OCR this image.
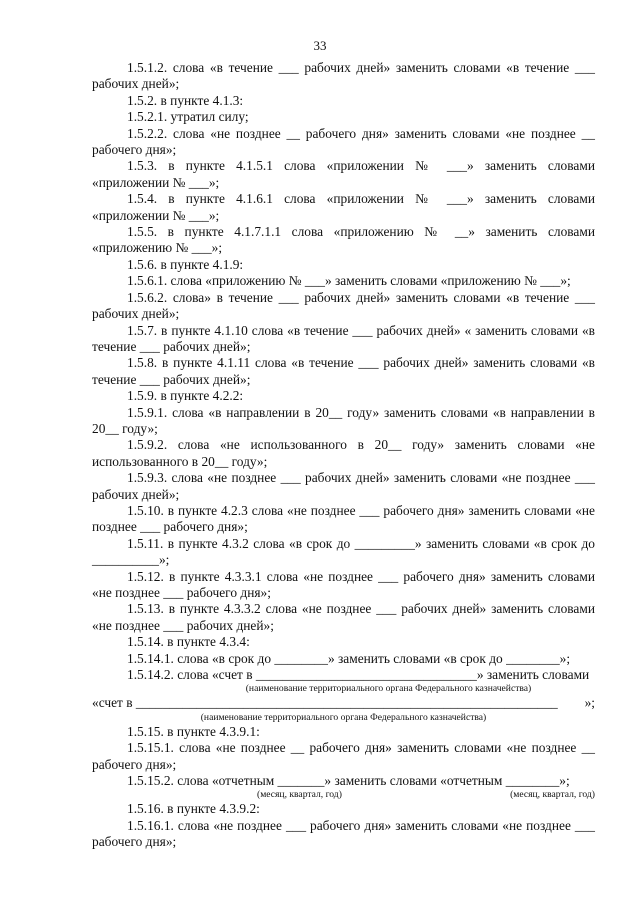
33

1.5.1.2. слова «в течение ___ рабочих дней» заменить словами «в течение ___ рабочих дней»;

1.5.2. в пункте 4.1.3:

1.5.2.1. утратил силу;

1.5.2.2. слова «не позднее __ рабочего дня» заменить словами «не позднее __ рабочего дня»;

1.5.3. в пункте 4.1.5.1 слова «приложении № ___» заменить словами «приложении № ___»;

1.5.4. в пункте 4.1.6.1 слова «приложении № ___» заменить словами «приложении № ___»;

1.5.5. в пункте 4.1.7.1.1 слова «приложению № __» заменить словами «приложению № ___»;

1.5.6. в пункте 4.1.9:

1.5.6.1. слова «приложению № ___» заменить словами «приложению № ___»;

1.5.6.2. слова» в течение ___ рабочих дней» заменить словами «в течение ___ рабочих дней»;

1.5.7. в пункте 4.1.10 слова «в течение ___ рабочих дней» « заменить словами «в течение ___ рабочих дней»;

1.5.8. в пункте 4.1.11 слова «в течение ___ рабочих дней» заменить словами «в течение ___ рабочих дней»;

1.5.9. в пункте 4.2.2:

1.5.9.1. слова «в направлении в 20__ году» заменить словами «в направлении в 20__ году»;

1.5.9.2. слова «не использованного в 20__ году» заменить словами «не использованного в 20__ году»;

1.5.9.3. слова «не позднее ___ рабочих дней» заменить словами «не позднее ___ рабочих дней»;

1.5.10. в пункте 4.2.3 слова «не позднее ___ рабочего дня» заменить словами «не позднее ___ рабочего дня»;

1.5.11. в пункте 4.3.2 слова «в срок до _________» заменить словами «в срок до __________»;

1.5.12. в пункте 4.3.3.1 слова «не позднее ___ рабочего дня» заменить словами «не позднее ___ рабочего дня»;

1.5.13. в пункте 4.3.3.2 слова «не позднее ___ рабочих дней» заменить словами «не позднее ___ рабочих дней»;

1.5.14. в пункте 4.3.4:

1.5.14.1. слова «в срок до ________» заменить словами «в срок до ________»;

1.5.14.2. слова «счет в _________________________________» заменить словами

(наименование территориального органа Федерального казначейства)

«счет в _______________________________________________________________ »;

(наименование территориального органа Федерального казначейства)

1.5.15. в пункте 4.3.9.1:

1.5.15.1. слова «не позднее __ рабочего дня» заменить словами «не позднее __ рабочего дня»;

1.5.15.2. слова «отчетным _______» заменить словами «отчетным ________»;

(месяц, квартал, год)	(месяц, квартал, год)

1.5.16. в пункте 4.3.9.2:

1.5.16.1. слова «не позднее ___ рабочего дня» заменить словами «не позднее ___ рабочего дня»;
